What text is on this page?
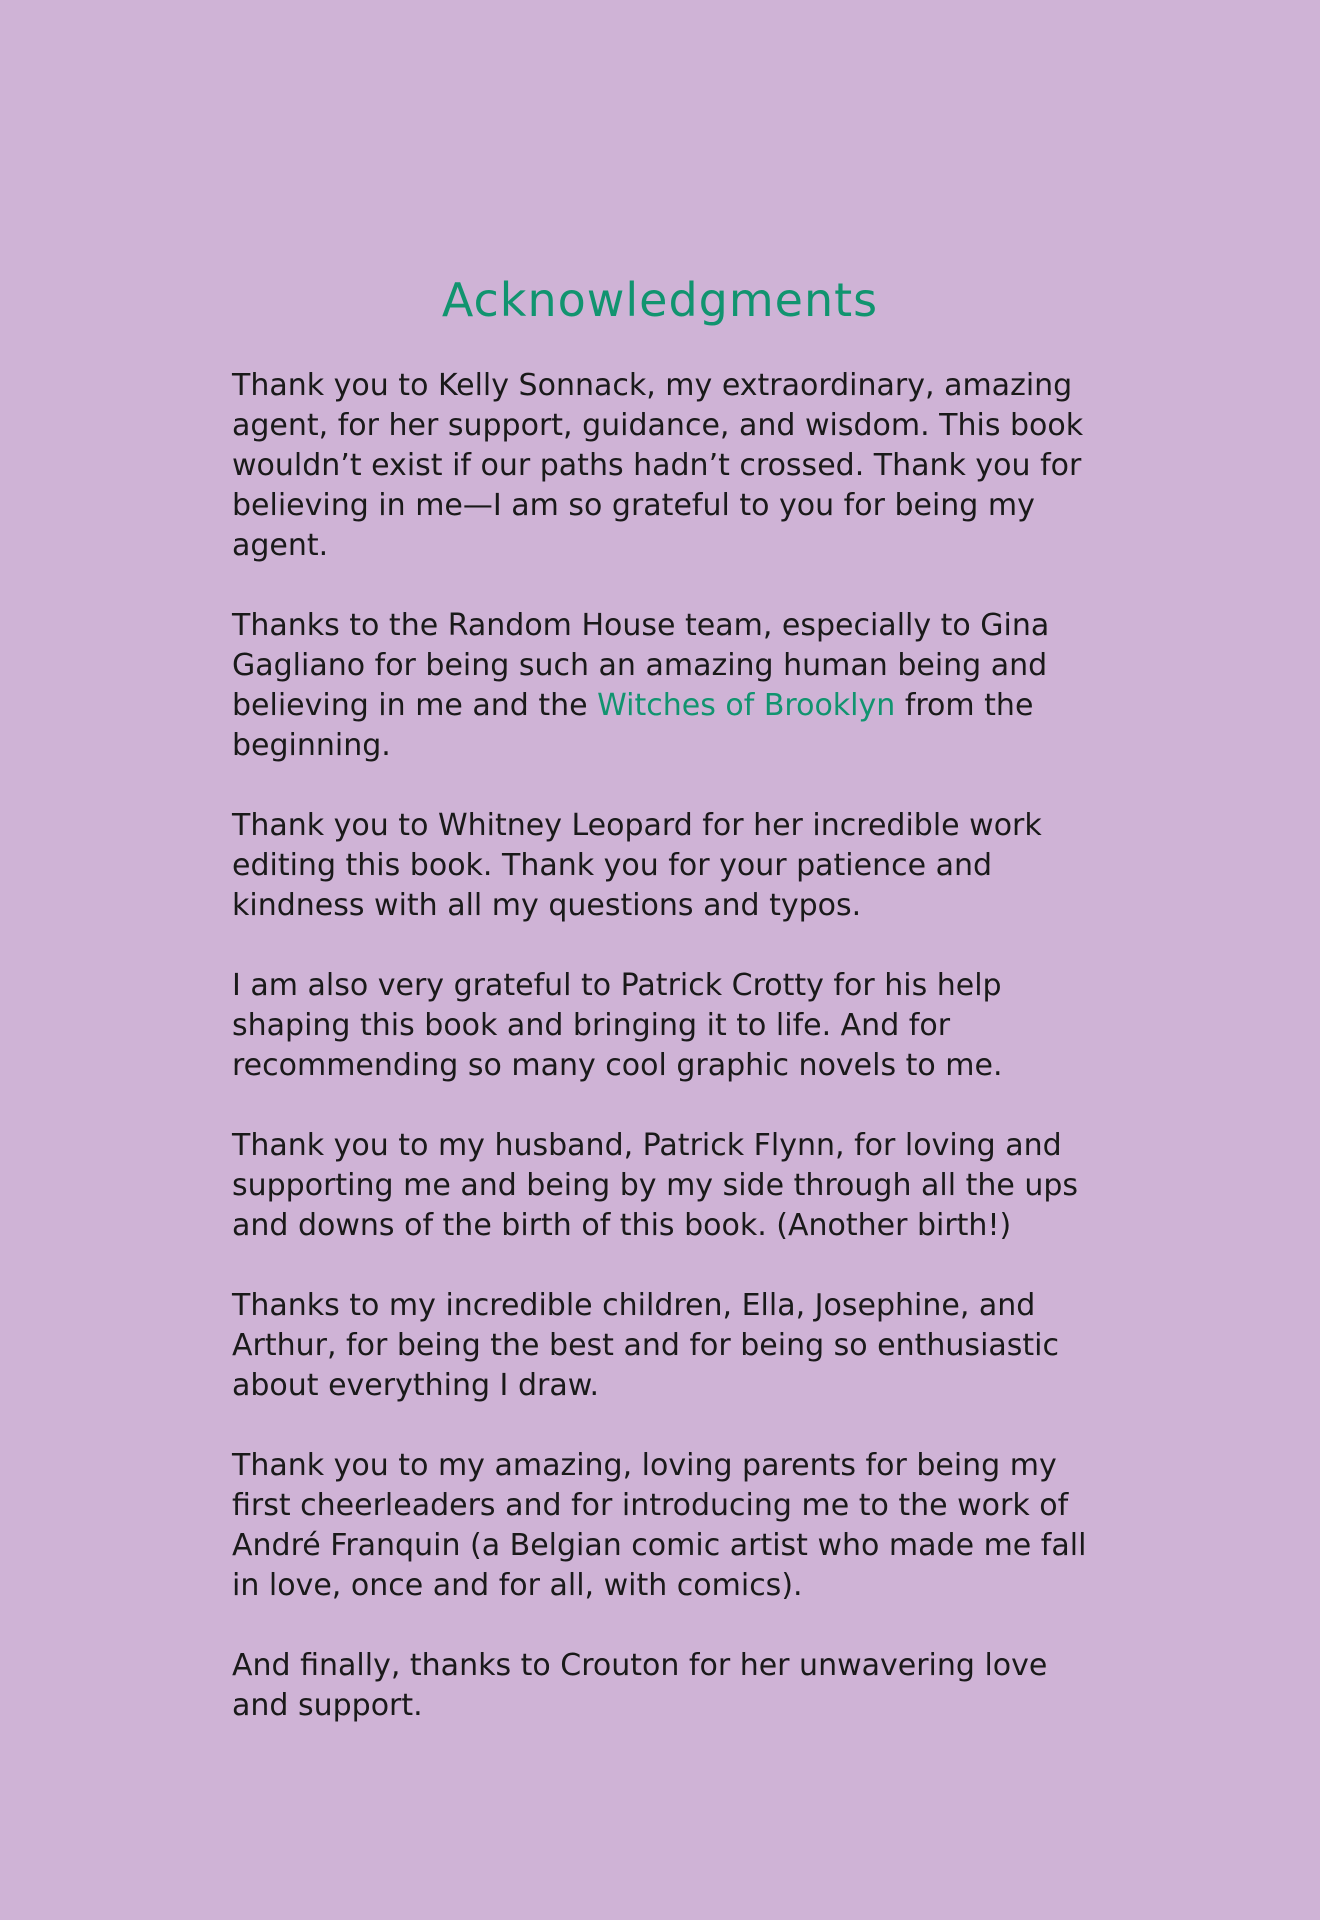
Acknowledgments

Thank you to Kelly Sonnack, my extraordinary, amazing agent, for her support, guidance, and wisdom. This book wouldn’t exist if our paths hadn’t crossed. Thank you for believing in me—I am so grateful to you for being my agent.

Thanks to the Random House team, especially to Gina Gagliano for being such an amazing human being and believing in me and the Witches of Brooklyn from the beginning.

Thank you to Whitney Leopard for her incredible work editing this book. Thank you for your patience and kindness with all my questions and typos.

I am also very grateful to Patrick Crotty for his help shaping this book and bringing it to life. And for recommending so many cool graphic novels to me.

Thank you to my husband, Patrick Flynn, for loving and supporting me and being by my side through all the ups and downs of the birth of this book. (Another birth!)

Thanks to my incredible children, Ella, Josephine, and Arthur, for being the best and for being so enthusiastic about everything I draw.

Thank you to my amazing, loving parents for being my first cheerleaders and for introducing me to the work of André Franquin (a Belgian comic artist who made me fall in love, once and for all, with comics).

And finally, thanks to Crouton for her unwavering love and support.
